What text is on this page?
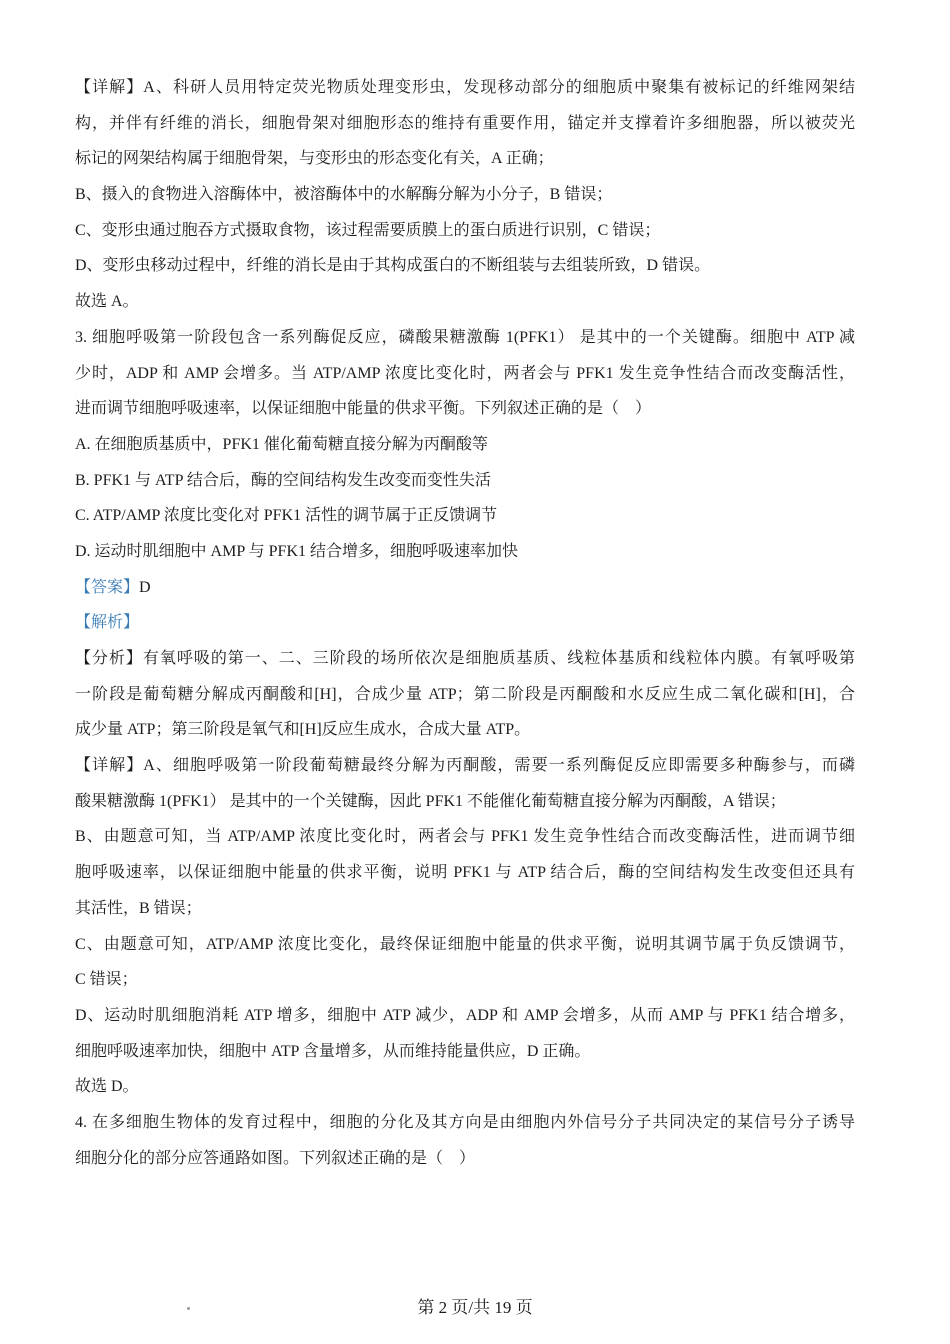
【详解】A、科研人员用特定荧光物质处理变形虫，发现移动部分的细胞质中聚集有被标记的纤维网架结
构，并伴有纤维的消长，细胞骨架对细胞形态的维持有重要作用，锚定并支撑着许多细胞器，所以被荧光
标记的网架结构属于细胞骨架，与变形虫的形态变化有关，A 正确；
B、摄入的食物进入溶酶体中，被溶酶体中的水解酶分解为小分子，B 错误；
C、变形虫通过胞吞方式摄取食物，该过程需要质膜上的蛋白质进行识别，C 错误；
D、变形虫移动过程中，纤维的消长是由于其构成蛋白的不断组装与去组装所致，D 错误。
故选 A。
3. 细胞呼吸第一阶段包含一系列酶促反应，磷酸果糖激酶 1(PFK1） 是其中的一个关键酶。细胞中 ATP 减
少时，ADP 和 AMP 会增多。当 ATP/AMP 浓度比变化时，两者会与 PFK1 发生竞争性结合而改变酶活性，
进而调节细胞呼吸速率，以保证细胞中能量的供求平衡。下列叙述正确的是（　）
A. 在细胞质基质中，PFK1 催化葡萄糖直接分解为丙酮酸等
B. PFK1 与 ATP 结合后，酶的空间结构发生改变而变性失活
C. ATP/AMP 浓度比变化对 PFK1 活性的调节属于正反馈调节
D. 运动时肌细胞中 AMP 与 PFK1 结合增多，细胞呼吸速率加快
【答案】D
【解析】
【分析】有氧呼吸的第一、二、三阶段的场所依次是细胞质基质、线粒体基质和线粒体内膜。有氧呼吸第
一阶段是葡萄糖分解成丙酮酸和[H]，合成少量 ATP；第二阶段是丙酮酸和水反应生成二氧化碳和[H]，合
成少量 ATP；第三阶段是氧气和[H]反应生成水，合成大量 ATP。
【详解】A、细胞呼吸第一阶段葡萄糖最终分解为丙酮酸，需要一系列酶促反应即需要多种酶参与，而磷
酸果糖激酶 1(PFK1） 是其中的一个关键酶，因此 PFK1 不能催化葡萄糖直接分解为丙酮酸，A 错误；
B、由题意可知，当 ATP/AMP 浓度比变化时，两者会与 PFK1 发生竞争性结合而改变酶活性，进而调节细
胞呼吸速率，以保证细胞中能量的供求平衡，说明 PFK1 与 ATP 结合后，酶的空间结构发生改变但还具有
其活性，B 错误；
C、由题意可知，ATP/AMP 浓度比变化，最终保证细胞中能量的供求平衡，说明其调节属于负反馈调节，
C 错误；
D、运动时肌细胞消耗 ATP 增多，细胞中 ATP 减少，ADP 和 AMP 会增多，从而 AMP 与 PFK1 结合增多，
细胞呼吸速率加快，细胞中 ATP 含量增多，从而维持能量供应，D 正确。
故选 D。
4. 在多细胞生物体的发育过程中，细胞的分化及其方向是由细胞内外信号分子共同决定的某信号分子诱导
细胞分化的部分应答通路如图。下列叙述正确的是（　）
第 2 页/共 19 页
